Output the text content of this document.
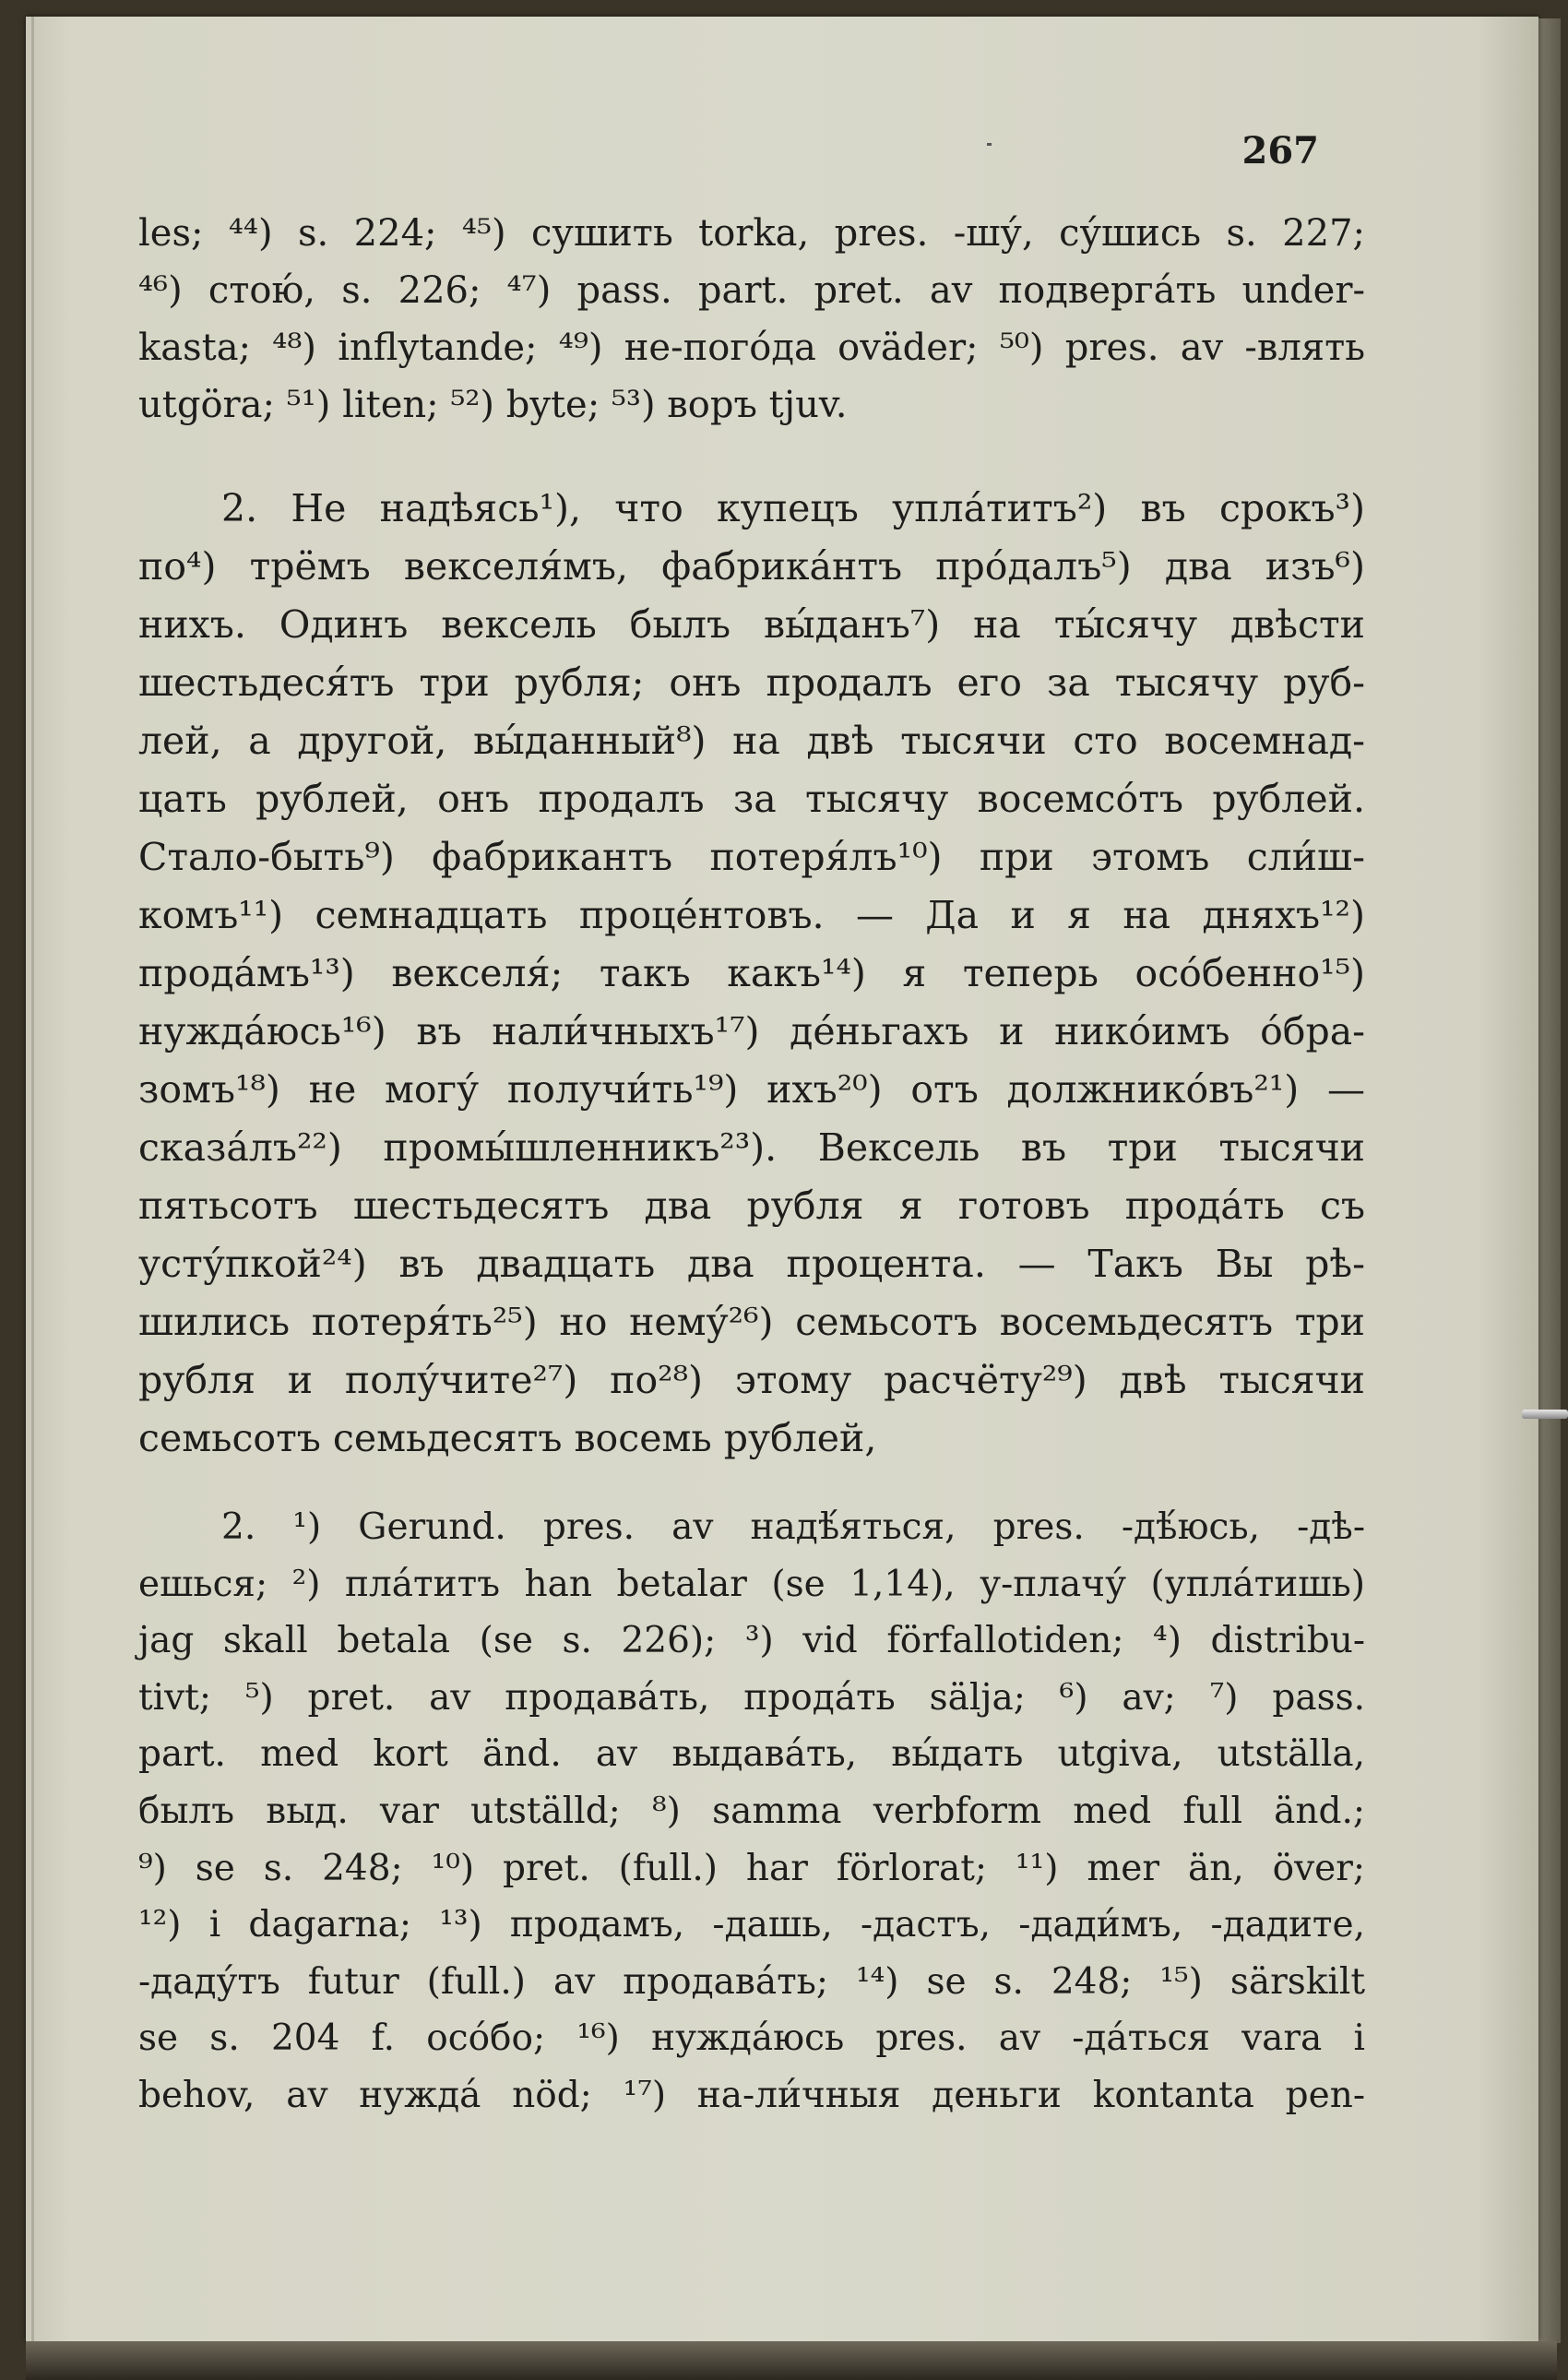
267
les; ⁴⁴) s. 224; ⁴⁵) сушить torka, pres. -шу́, су́шись s. 227;
⁴⁶) стою́, s. 226; ⁴⁷) pass. part. pret. av подверга́ть under-
kasta; ⁴⁸) inflytande; ⁴⁹) не-пого́да oväder; ⁵⁰) pres. av -влять
utgöra; ⁵¹) liten; ⁵²) byte; ⁵³) воръ tjuv.
2. Не надѣясь¹), что купецъ упла́титъ²) въ срокъ³)
по⁴) трёмъ векселя́мъ, фабрика́нтъ про́далъ⁵) два изъ⁶)
нихъ. Одинъ вексель былъ вы́данъ⁷) на ты́сячу двѣсти
шестьдеся́тъ три рубля; онъ продалъ его за тысячу руб-
лей, а другой, вы́данный⁸) на двѣ тысячи сто восемнад-
цать рублей, онъ продалъ за тысячу восемсо́тъ рублей.
Стало-быть⁹) фабрикантъ потеря́лъ¹⁰) при этомъ сли́ш-
комъ¹¹) семнадцать проце́нтовъ. — Да и я на дняхъ¹²)
прода́мъ¹³) векселя́; такъ какъ¹⁴) я теперь осо́бенно¹⁵)
нужда́юсь¹⁶) въ нали́чныхъ¹⁷) де́ньгахъ и нико́имъ о́бра-
зомъ¹⁸) не могу́ получи́ть¹⁹) ихъ²⁰) отъ должнико́въ²¹) —
сказа́лъ²²) промы́шленникъ²³). Вексель въ три тысячи
пятьсотъ шестьдесятъ два рубля я готовъ прода́ть съ
усту́пкой²⁴) въ двадцать два процента. — Такъ Вы рѣ-
шились потеря́ть²⁵) но нему́²⁶) семьсотъ восемьдесятъ три
рубля и полу́чите²⁷) по²⁸) этому расчёту²⁹) двѣ тысячи
семьсотъ семьдесятъ восемь рублей,
2. ¹) Gerund. pres. av надѣ́яться, pres. -дѣ́юсь, -дѣ-
ешься; ²) пла́титъ han betalar (se 1,14), у-плачу́ (упла́тишь)
jag skall betala (se s. 226); ³) vid förfallotiden; ⁴) distribu-
tivt; ⁵) pret. av продава́ть, прода́ть sälja; ⁶) av; ⁷) pass.
part. med kort änd. av выдава́ть, вы́дать utgiva, utställa,
былъ выд. var utställd; ⁸) samma verbform med full änd.;
⁹) se s. 248; ¹⁰) pret. (full.) har förlorat; ¹¹) mer än, över;
¹²) i dagarna; ¹³) продамъ, -дашь, -дастъ, -дади́мъ, -дадите,
-даду́тъ futur (full.) av продава́ть; ¹⁴) se s. 248; ¹⁵) särskilt
se s. 204 f. осо́бо; ¹⁶) нужда́юсь pres. av -да́ться vara i
behov, av нужда́ nöd; ¹⁷) на-ли́чныя деньги kontanta pen-
